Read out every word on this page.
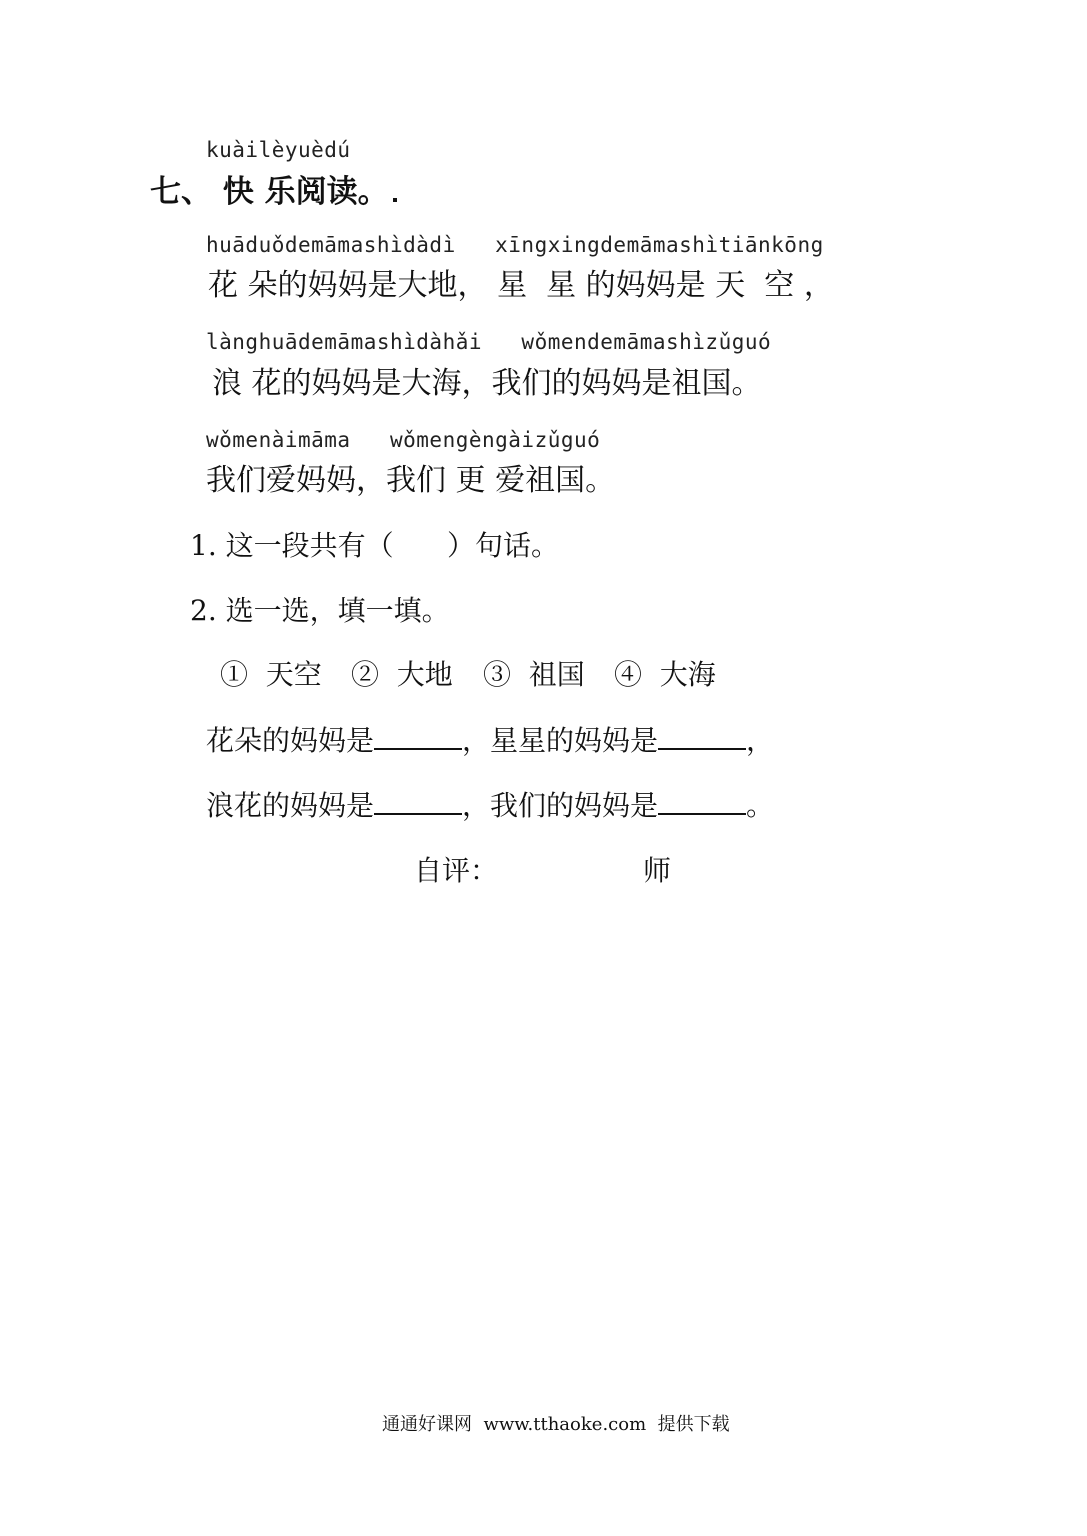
kuàilèyuèdú
七、 快 乐阅读。
huāduǒdemāmashìdàdì   xīngxingdemāmashìtiānkōng
花 朵的妈妈是大地， 星  星 的妈妈是 天  空 ，
lànghuādemāmashìdàhǎi   wǒmendemāmashìzǔguó
浪 花的妈妈是大海，我们的妈妈是祖国。
wǒmenàimāma   wǒmengèngàizǔguó
我们爱妈妈，我们 更 爱祖国。
1. 这一段共有（      ）句话。
2. 选一选，填一填。
①  天空 ②  大地 ③  祖国 ④  大海
花朵的妈妈是	，星星的妈妈是	，
浪花的妈妈是	，我们的妈妈是	。
自评：	师
通通好课网  www.tthaoke.com  提供下载
